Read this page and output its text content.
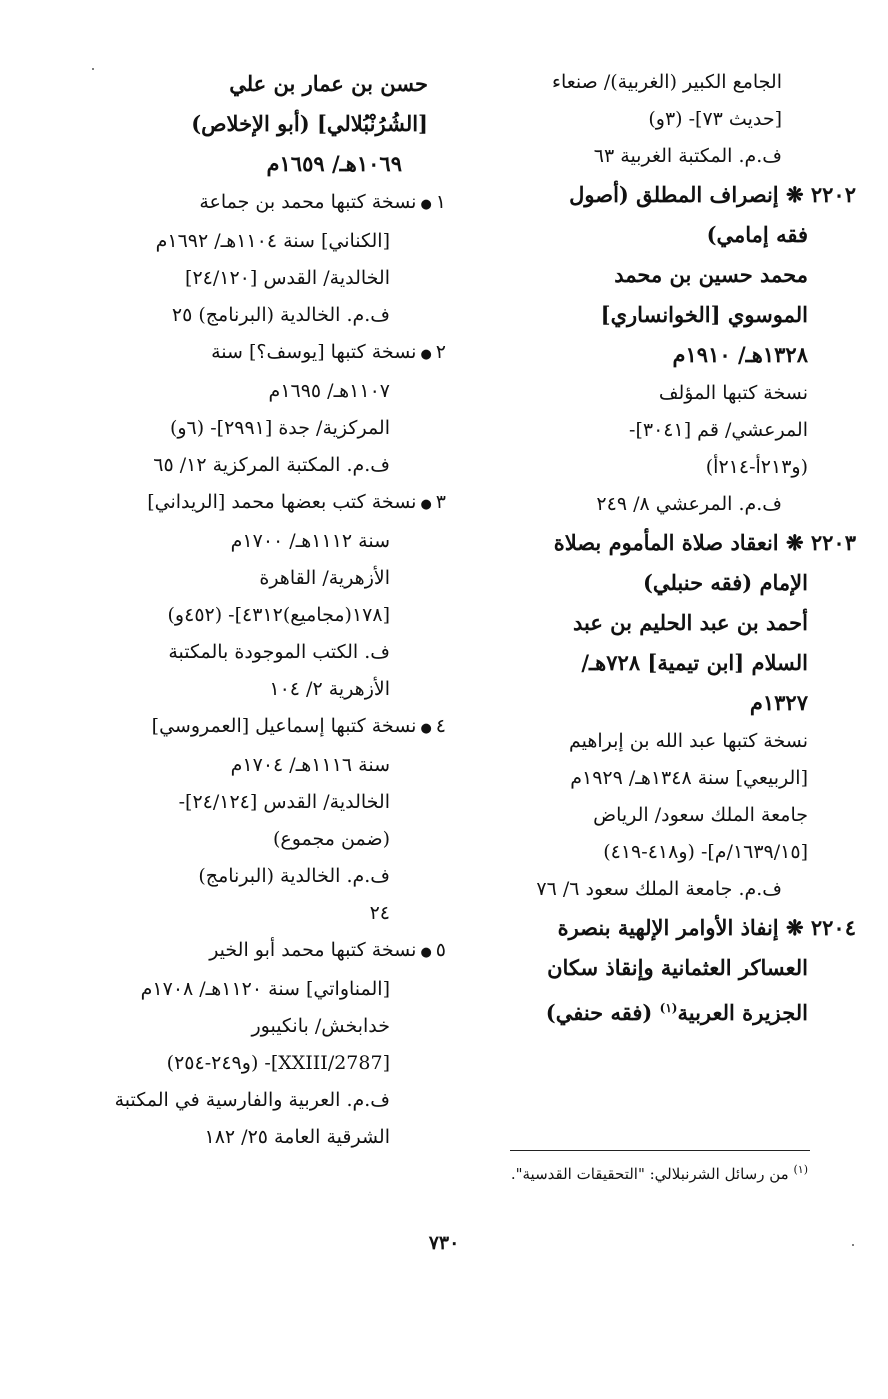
الجامع الكبير (الغربية)/ صنعاء
[حديث ٧٣]- (٣و)
ف.م. المكتبة الغربية ٦٣
٢٢٠٢ ❋ إنصراف المطلق (أصول
فقه إمامي)
محمد حسين بن محمد
الموسوي [الخوانساري]
١٣٢٨هـ/ ١٩١٠م
نسخة كتبها المؤلف
المرعشي/ قم [٣٠٤١]-
(و٢١٣أ-٢١٤أ)
ف.م. المرعشي ٨/ ٢٤٩
٢٢٠٣ ❋ انعقاد صلاة المأموم بصلاة
الإمام (فقه حنبلي)
أحمد بن عبد الحليم بن عبد
السلام [ابن تيمية] ٧٢٨هـ/
١٣٢٧م
نسخة كتبها عبد الله بن إبراهيم
[الربيعي] سنة ١٣٤٨هـ/ ١٩٢٩م
جامعة الملك سعود/ الرياض
[١٦٣٩/١٥/م]- (و٤١٨-٤١٩)
ف.م. جامعة الملك سعود ٦/ ٧٦
٢٢٠٤ ❋ إنفاذ الأوامر الإلهية بنصرة
العساكر العثمانية وإنقاذ سكان
الجزيرة العربية$^{(١)}$ (فقه حنفي)
حسن بن عمار بن علي
[الشُرُنْبُلالي] (أبو الإخلاص)
١٠٦٩هـ/ ١٦٥٩م
١●نسخة كتبها محمد بن جماعة
[الكناني] سنة ١١٠٤هـ/ ١٦٩٢م
الخالدية/ القدس [٢٤/١٢٠]
ف.م. الخالدية (البرنامج) ٢٥
٢●نسخة كتبها [يوسف؟] سنة
١١٠٧هـ/ ١٦٩٥م
المركزية/ جدة [٢٩٩١]- (٦و)
ف.م. المكتبة المركزية ١٢/ ٦٥
٣●نسخة كتب بعضها محمد [الريداني]
سنة ١١١٢هـ/ ١٧٠٠م
الأزهرية/ القاهرة
[١٧٨(مجاميع)٤٣١٢]- (٤٥٢و)
ف. الكتب الموجودة بالمكتبة
الأزهرية ٢/ ١٠٤
٤●نسخة كتبها إسماعيل [العمروسي]
سنة ١١١٦هـ/ ١٧٠٤م
الخالدية/ القدس [٢٤/١٢٤]-
(ضمن مجموع)
ف.م. الخالدية (البرنامج)
٢٤
٥●نسخة كتبها محمد أبو الخير
[المناواتي] سنة ١١٢٠هـ/ ١٧٠٨م
خدابخش/ بانكيبور
[2787/XXIII]- (و٢٤٩-٢٥٤)
ف.م. العربية والفارسية في المكتبة
الشرقية العامة ٢٥/ ١٨٢
$^{(١)}$ من رسائل الشرنبلالي: "التحقيقات القدسية".
٧٣٠
